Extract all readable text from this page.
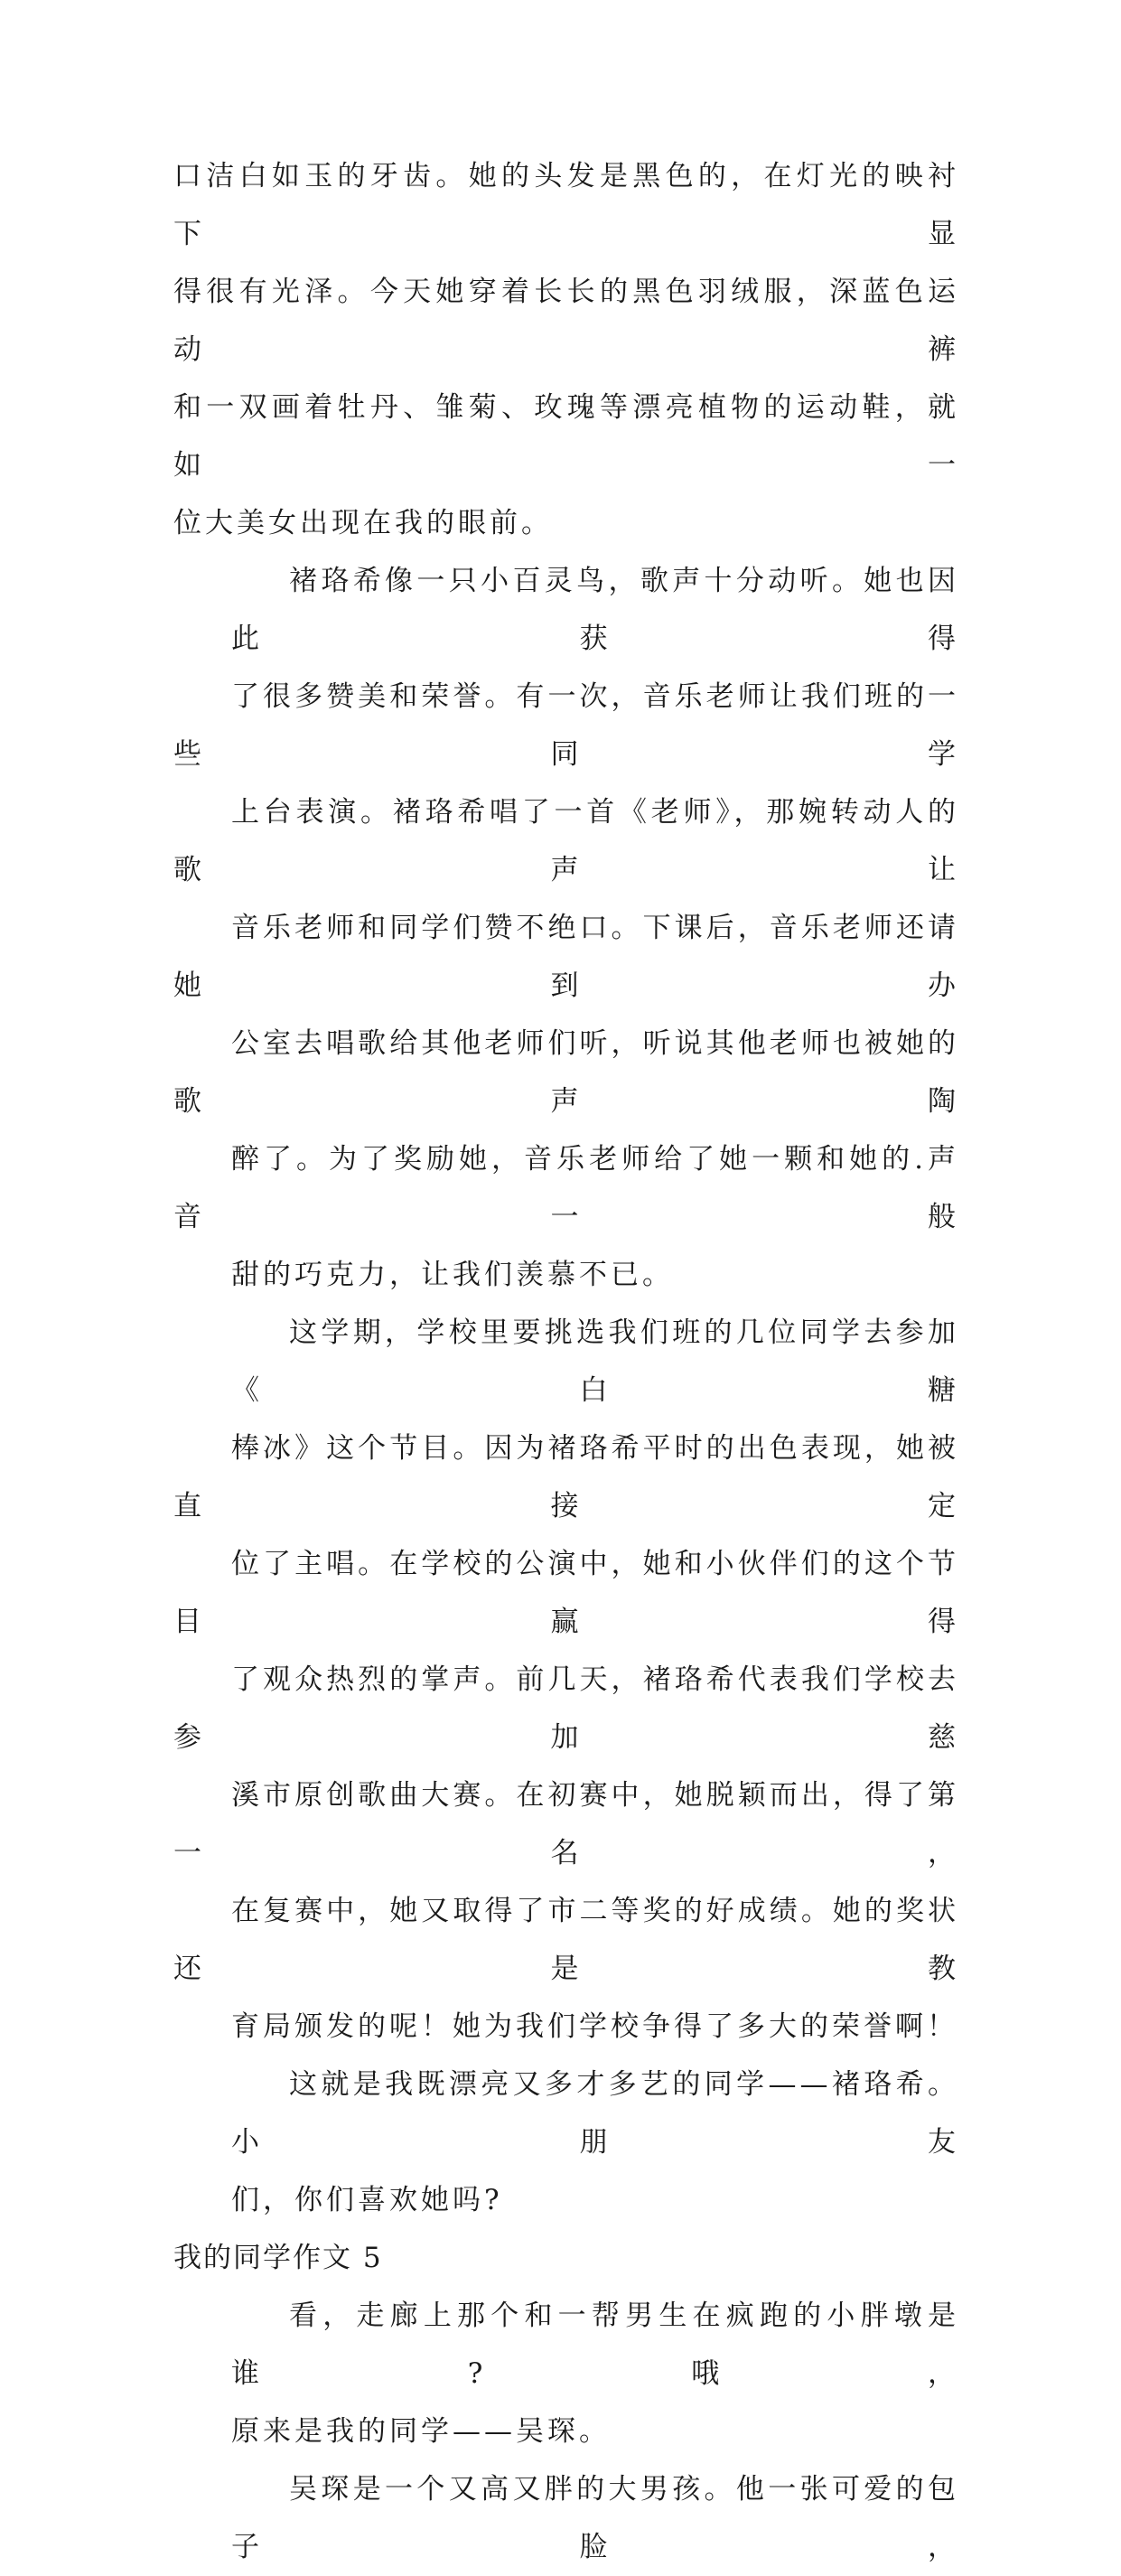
口洁白如玉的牙齿。她的头发是黑色的，在灯光的映衬下显
得很有光泽。今天她穿着长长的黑色羽绒服，深蓝色运动裤
和一双画着牡丹、雏菊、玫瑰等漂亮植物的运动鞋，就如一
位大美女出现在我的眼前。

褚珞希像一只小百灵鸟，歌声十分动听。她也因此获得
了很多赞美和荣誉。有一次，音乐老师让我们班的一些同学
上台表演。褚珞希唱了一首《老师》，那婉转动人的歌声让
音乐老师和同学们赞不绝口。下课后，音乐老师还请她到办
公室去唱歌给其他老师们听，听说其他老师也被她的歌声陶
醉了。为了奖励她，音乐老师给了她一颗和她的.声音一般
甜的巧克力，让我们羡慕不已。

这学期，学校里要挑选我们班的几位同学去参加《白糖
棒冰》这个节目。因为褚珞希平时的出色表现，她被直接定
位了主唱。在学校的公演中，她和小伙伴们的这个节目赢得
了观众热烈的掌声。前几天，褚珞希代表我们学校去参加慈
溪市原创歌曲大赛。在初赛中，她脱颖而出，得了第一名，
在复赛中，她又取得了市二等奖的好成绩。她的奖状还是教
育局颁发的呢！她为我们学校争得了多大的荣誉啊！

这就是我既漂亮又多才多艺的同学——褚珞希。小朋友
们，你们喜欢她吗?

我的同学作文 5

看，走廊上那个和一帮男生在疯跑的小胖墩是谁?哦，
原来是我的同学——吴琛。

吴琛是一个又高又胖的大男孩。他一张可爱的包子脸，
